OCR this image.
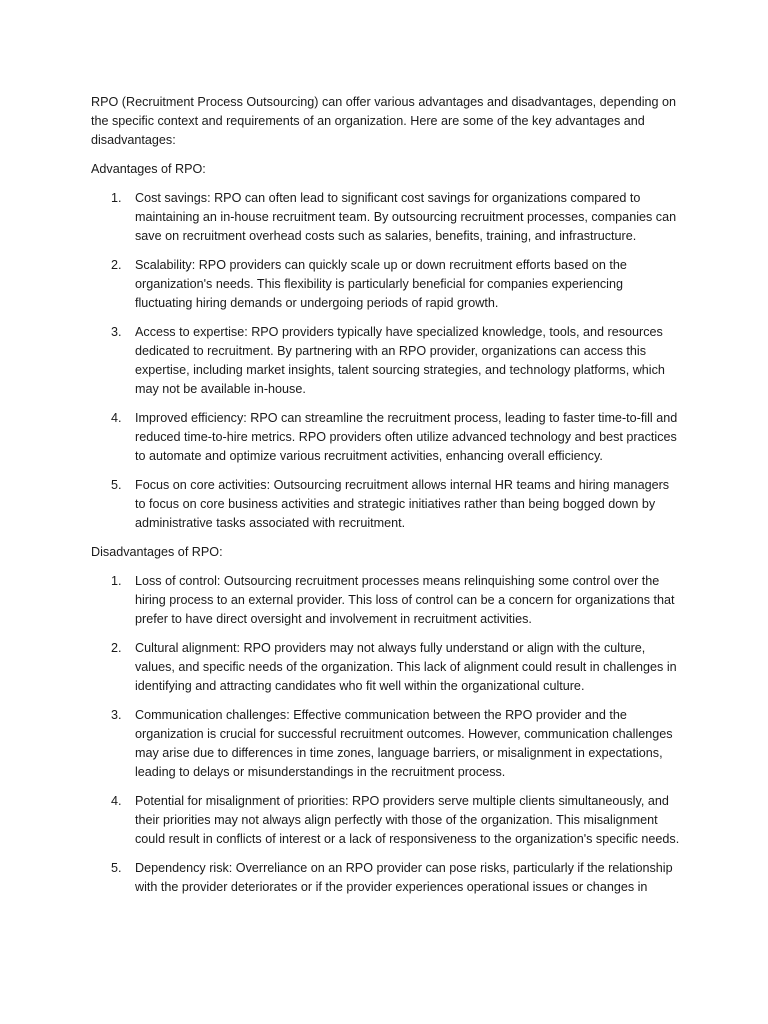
RPO (Recruitment Process Outsourcing) can offer various advantages and disadvantages, depending on the specific context and requirements of an organization. Here are some of the key advantages and disadvantages:

Advantages of RPO:

1.	Cost savings: RPO can often lead to significant cost savings for organizations compared to maintaining an in-house recruitment team. By outsourcing recruitment processes, companies can save on recruitment overhead costs such as salaries, benefits, training, and infrastructure.
2.	Scalability: RPO providers can quickly scale up or down recruitment efforts based on the organization's needs. This flexibility is particularly beneficial for companies experiencing fluctuating hiring demands or undergoing periods of rapid growth.
3.	Access to expertise: RPO providers typically have specialized knowledge, tools, and resources dedicated to recruitment. By partnering with an RPO provider, organizations can access this expertise, including market insights, talent sourcing strategies, and technology platforms, which may not be available in-house.
4.	Improved efficiency: RPO can streamline the recruitment process, leading to faster time-to-fill and reduced time-to-hire metrics. RPO providers often utilize advanced technology and best practices to automate and optimize various recruitment activities, enhancing overall efficiency.
5.	Focus on core activities: Outsourcing recruitment allows internal HR teams and hiring managers to focus on core business activities and strategic initiatives rather than being bogged down by administrative tasks associated with recruitment.

Disadvantages of RPO:

1.	Loss of control: Outsourcing recruitment processes means relinquishing some control over the hiring process to an external provider. This loss of control can be a concern for organizations that prefer to have direct oversight and involvement in recruitment activities.
2.	Cultural alignment: RPO providers may not always fully understand or align with the culture, values, and specific needs of the organization. This lack of alignment could result in challenges in identifying and attracting candidates who fit well within the organizational culture.
3.	Communication challenges: Effective communication between the RPO provider and the organization is crucial for successful recruitment outcomes. However, communication challenges may arise due to differences in time zones, language barriers, or misalignment in expectations, leading to delays or misunderstandings in the recruitment process.
4.	Potential for misalignment of priorities: RPO providers serve multiple clients simultaneously, and their priorities may not always align perfectly with those of the organization. This misalignment could result in conflicts of interest or a lack of responsiveness to the organization's specific needs.
5.	Dependency risk: Overreliance on an RPO provider can pose risks, particularly if the relationship with the provider deteriorates or if the provider experiences operational issues or changes in
